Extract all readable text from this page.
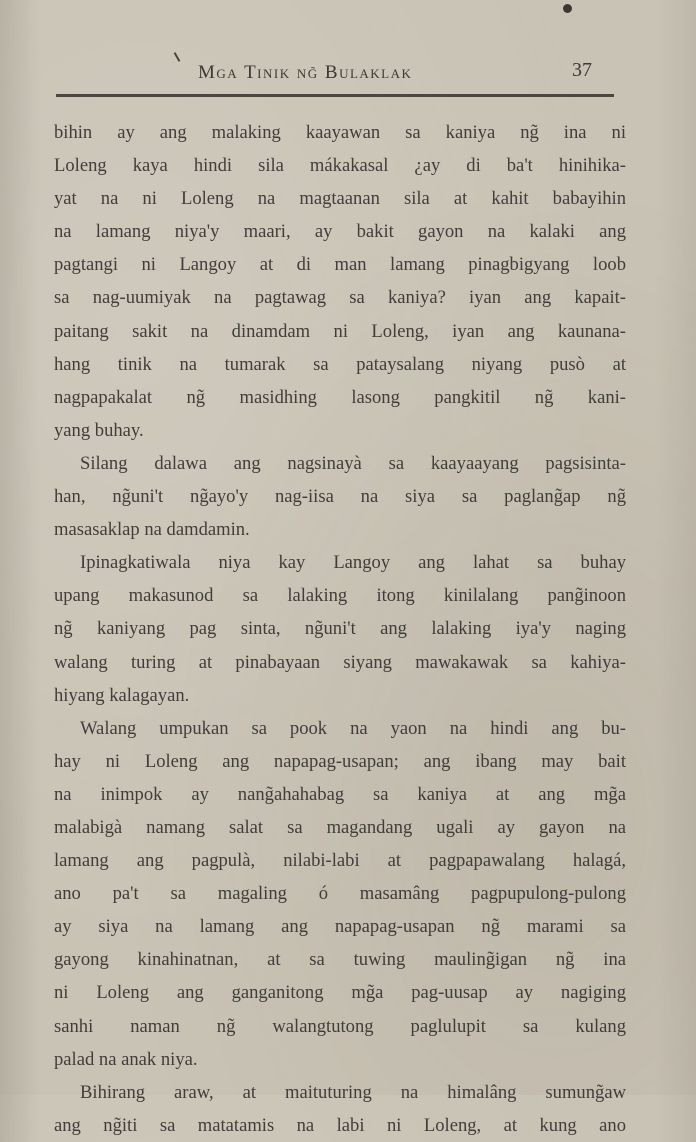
Mga Tinik ng̃ Bulaklak	37
bihin ay ang malaking kaayawan sa kaniya ng̃ ina ni
Loleng kaya hindi sila mákakasal ¿ay di ba't hinihika-
yat na ni Loleng na magtaanan sila at kahit babayihin
na lamang niya'y maari, ay bakit gayon na kalaki ang
pagtangi ni Langoy at di man lamang pinagbigyang loob
sa nag-uumiyak na pagtawag sa kaniya? iyan ang kapait-
paitang sakit na dinamdam ni Loleng, iyan ang kaunana-
hang tinik na tumarak sa pataysalang niyang pusò at
nagpapakalat ng̃ masidhing lasong pangkitil ng̃ kani-
yang buhay.
Silang dalawa ang nagsinayà sa kaayaayang pagsisinta-
han, ng̃uni't ng̃ayo'y nag-iisa na siya sa paglang̃ap ng̃
masasaklap na damdamin.
Ipinagkatiwala niya kay Langoy ang lahat sa buhay
upang makasunod sa lalaking itong kinilalang pang̃inoon
ng̃ kaniyang pag sinta, ng̃uni't ang lalaking iya'y naging
walang turing at pinabayaan siyang mawakawak sa kahiya-
hiyang kalagayan.
Walang umpukan sa pook na yaon na hindi ang bu-
hay ni Loleng ang napapag-usapan; ang ibang may bait
na inimpok ay nang̃ahahabag sa kaniya at ang mg̃a
malabigà namang salat sa magandang ugali ay gayon na
lamang ang pagpulà, nilabi-labi at pagpapawalang halagá,
ano pa't sa magaling ó masamâng pagpupulong-pulong
ay siya na lamang ang napapag-usapan ng̃ marami sa
gayong kinahinatnan, at sa tuwing mauling̃igan ng̃ ina
ni Loleng ang ganganitong mg̃a pag-uusap ay nagiging
sanhi naman ng̃ walangtutong paglulupit sa kulang
palad na anak niya.
Bihirang araw, at maituturing na himalâng sumung̃aw
ang ng̃iti sa matatamis na labi ni Loleng, at kung ano
